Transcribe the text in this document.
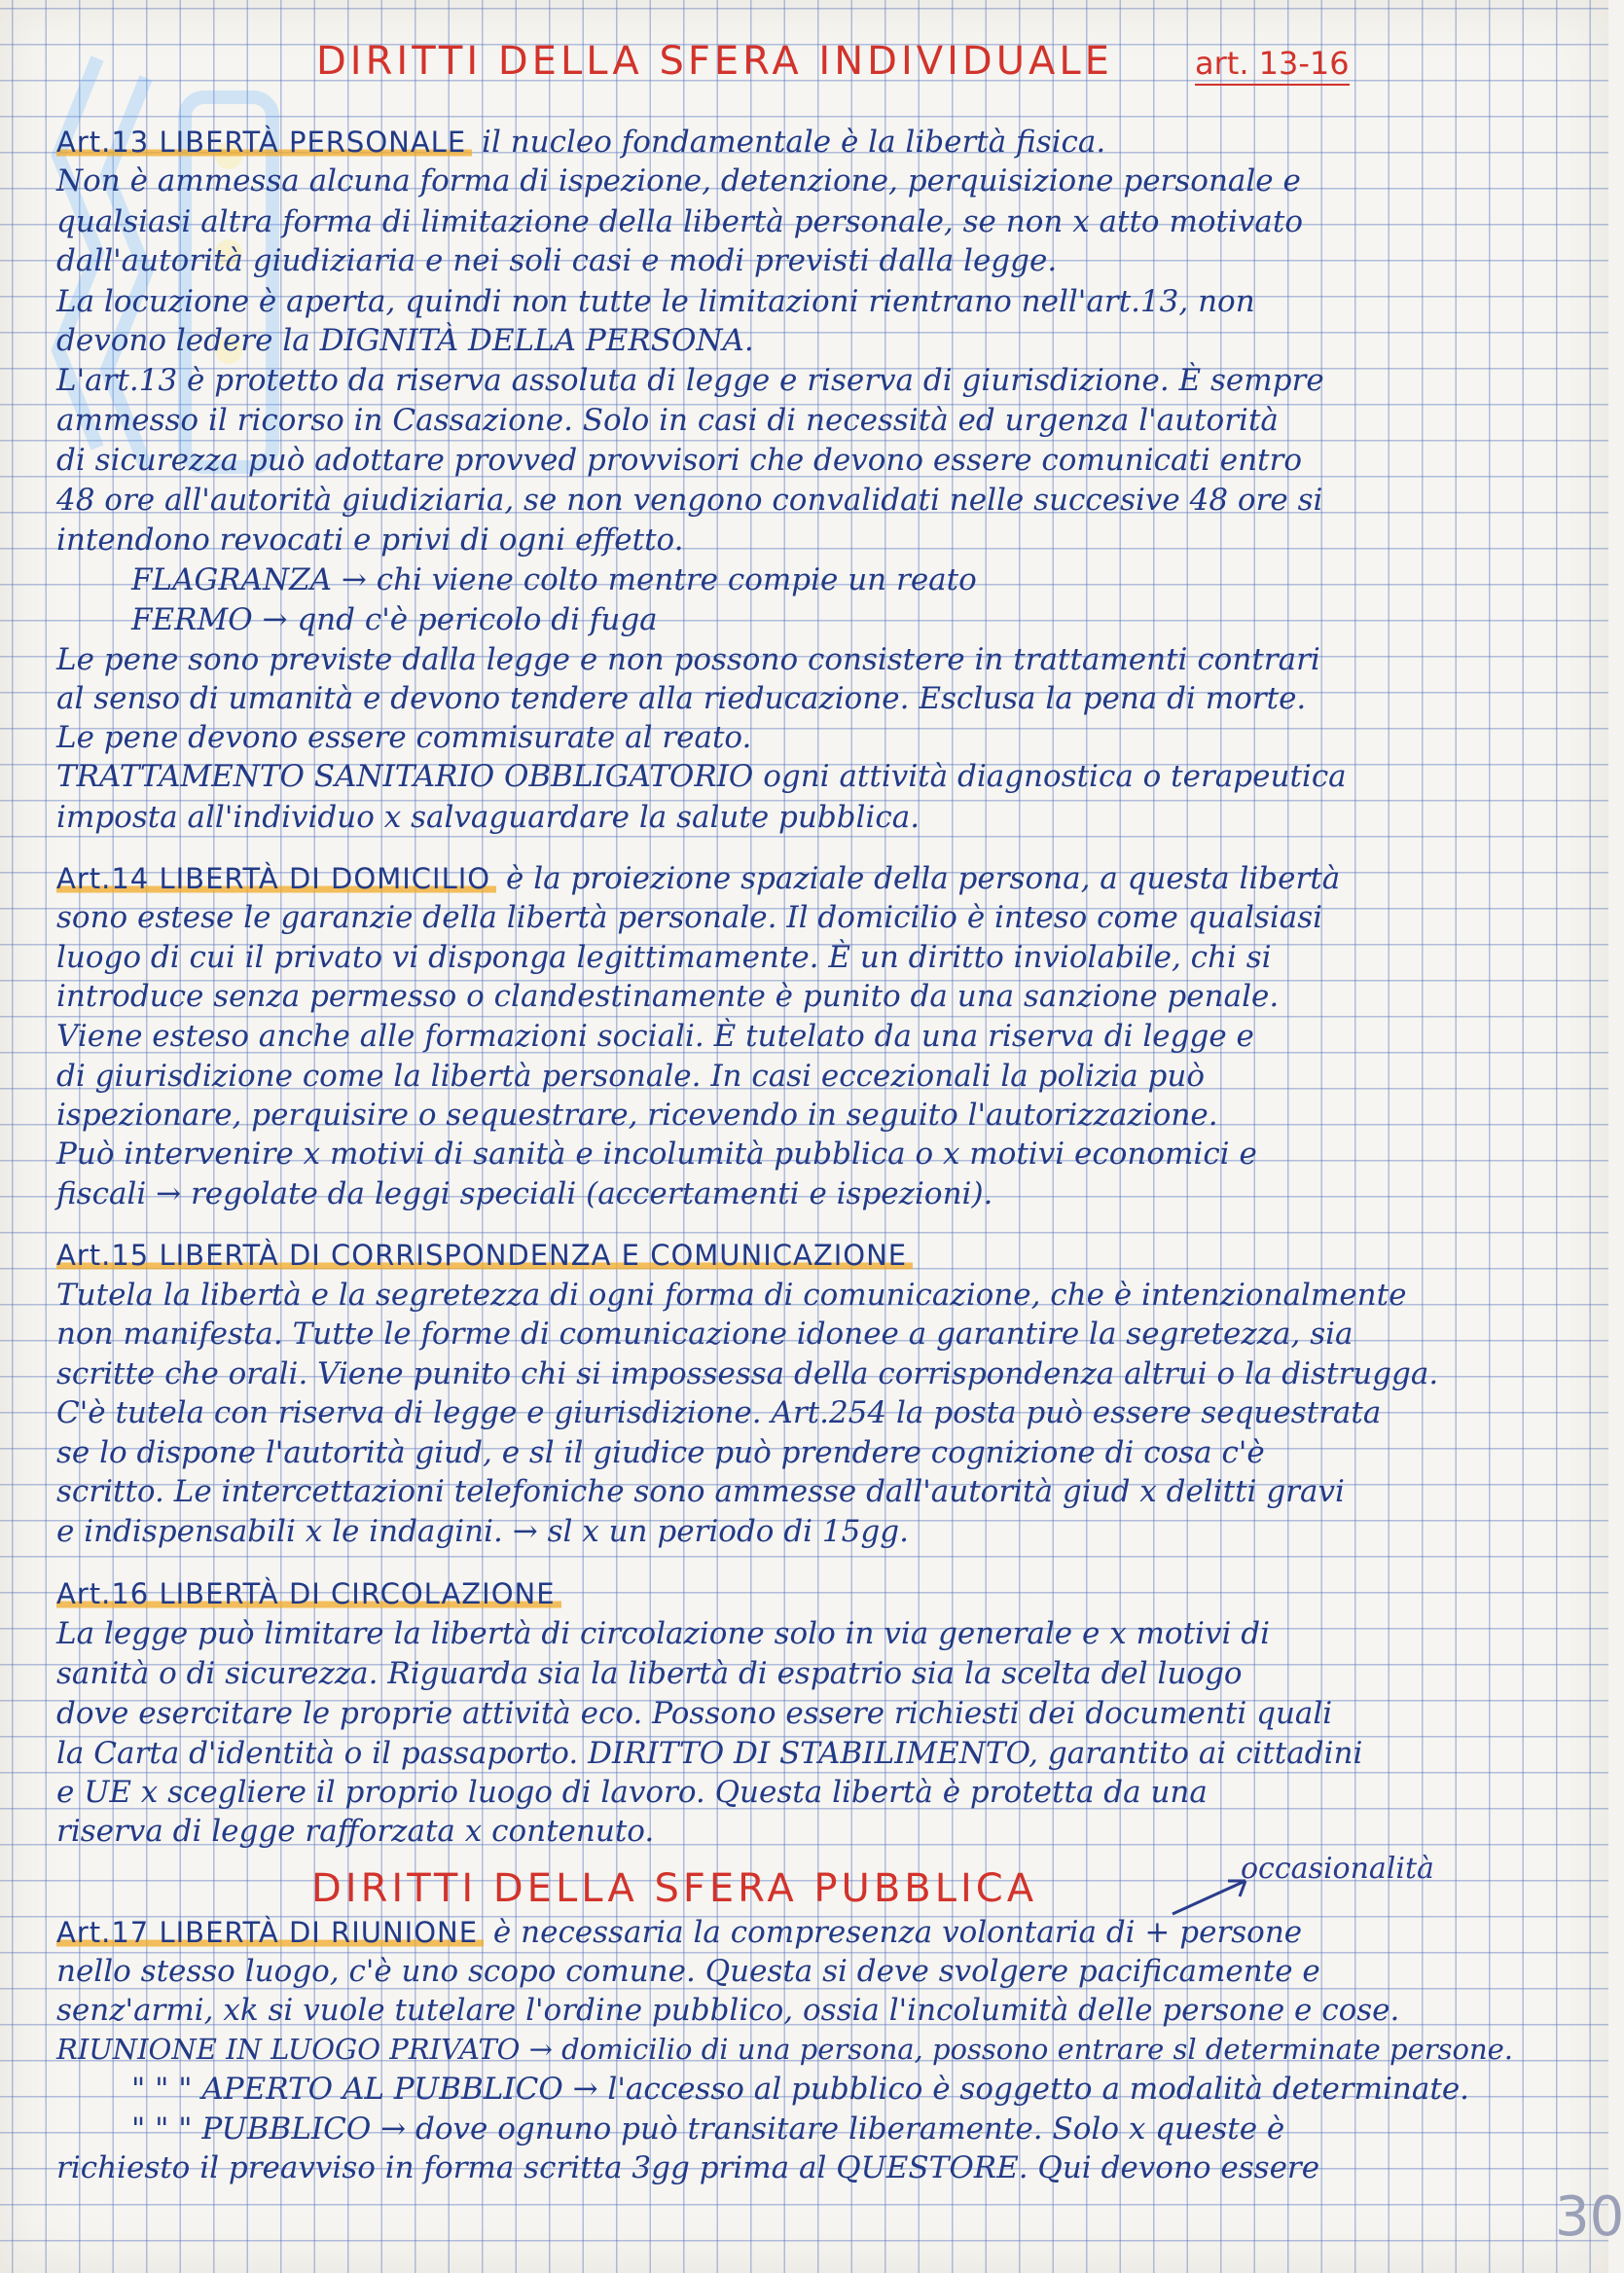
DIRITTI DELLA SFERA INDIVIDUALE	art. 13-16
Art.13 LIBERTÀ PERSONALE il nucleo fondamentale è la libertà fisica.
Non è ammessa alcuna forma di ispezione, detenzione, perquisizione personale e
qualsiasi altra forma di limitazione della libertà personale, se non x atto motivato
dall'autorità giudiziaria e nei soli casi e modi previsti dalla legge.
La locuzione è aperta, quindi non tutte le limitazioni rientrano nell'art.13, non
devono ledere la DIGNITÀ DELLA PERSONA.
L'art.13 è protetto da riserva assoluta di legge e riserva di giurisdizione. È sempre
ammesso il ricorso in Cassazione. Solo in casi di necessità ed urgenza l'autorità
di sicurezza può adottare provved provvisori che devono essere comunicati entro
48 ore all'autorità giudiziaria, se non vengono convalidati nelle succesive 48 ore si
intendono revocati e privi di ogni effetto.
FLAGRANZA → chi viene colto mentre compie un reato
FERMO → qnd c'è pericolo di fuga
Le pene sono previste dalla legge e non possono consistere in trattamenti contrari
al senso di umanità e devono tendere alla rieducazione. Esclusa la pena di morte.
Le pene devono essere commisurate al reato.
TRATTAMENTO SANITARIO OBBLIGATORIO ogni attività diagnostica o terapeutica
imposta all'individuo x salvaguardare la salute pubblica.
Art.14 LIBERTÀ DI DOMICILIO è la proiezione spaziale della persona, a questa libertà
sono estese le garanzie della libertà personale. Il domicilio è inteso come qualsiasi
luogo di cui il privato vi disponga legittimamente. È un diritto inviolabile, chi si
introduce senza permesso o clandestinamente è punito da una sanzione penale.
Viene esteso anche alle formazioni sociali. È tutelato da una riserva di legge e
di giurisdizione come la libertà personale. In casi eccezionali la polizia può
ispezionare, perquisire o sequestrare, ricevendo in seguito l'autorizzazione.
Può intervenire x motivi di sanità e incolumità pubblica o x motivi economici e
fiscali → regolate da leggi speciali (accertamenti e ispezioni).
Art.15 LIBERTÀ DI CORRISPONDENZA E COMUNICAZIONE
Tutela la libertà e la segretezza di ogni forma di comunicazione, che è intenzionalmente
non manifesta. Tutte le forme di comunicazione idonee a garantire la segretezza, sia
scritte che orali. Viene punito chi si impossessa della corrispondenza altrui o la distrugga.
C'è tutela con riserva di legge e giurisdizione. Art.254 la posta può essere sequestrata
se lo dispone l'autorità giud, e sl il giudice può prendere cognizione di cosa c'è
scritto. Le intercettazioni telefoniche sono ammesse dall'autorità giud x delitti gravi
e indispensabili x le indagini. → sl x un periodo di 15gg.
Art.16 LIBERTÀ DI CIRCOLAZIONE
La legge può limitare la libertà di circolazione solo in via generale e x motivi di
sanità o di sicurezza. Riguarda sia la libertà di espatrio sia la scelta del luogo
dove esercitare le proprie attività eco. Possono essere richiesti dei documenti quali
la Carta d'identità o il passaporto. DIRITTO DI STABILIMENTO, garantito ai cittadini
e UE x scegliere il proprio luogo di lavoro. Questa libertà è protetta da una
riserva di legge rafforzata x contenuto.
Art.17 LIBERTÀ DI RIUNIONE è necessaria la compresenza volontaria di + persone
nello stesso luogo, c'è uno scopo comune. Questa si deve svolgere pacificamente e
senz'armi, xk si vuole tutelare l'ordine pubblico, ossia l'incolumità delle persone e cose.
RIUNIONE IN LUOGO PRIVATO → domicilio di una persona, possono entrare sl determinate persone.
" " " APERTO AL PUBBLICO → l'accesso al pubblico è soggetto a modalità determinate.
" " " PUBBLICO → dove ognuno può transitare liberamente. Solo x queste è
richiesto il preavviso in forma scritta 3gg prima al QUESTORE. Qui devono essere
DIRITTI DELLA SFERA PUBBLICA	occasionalità
30
